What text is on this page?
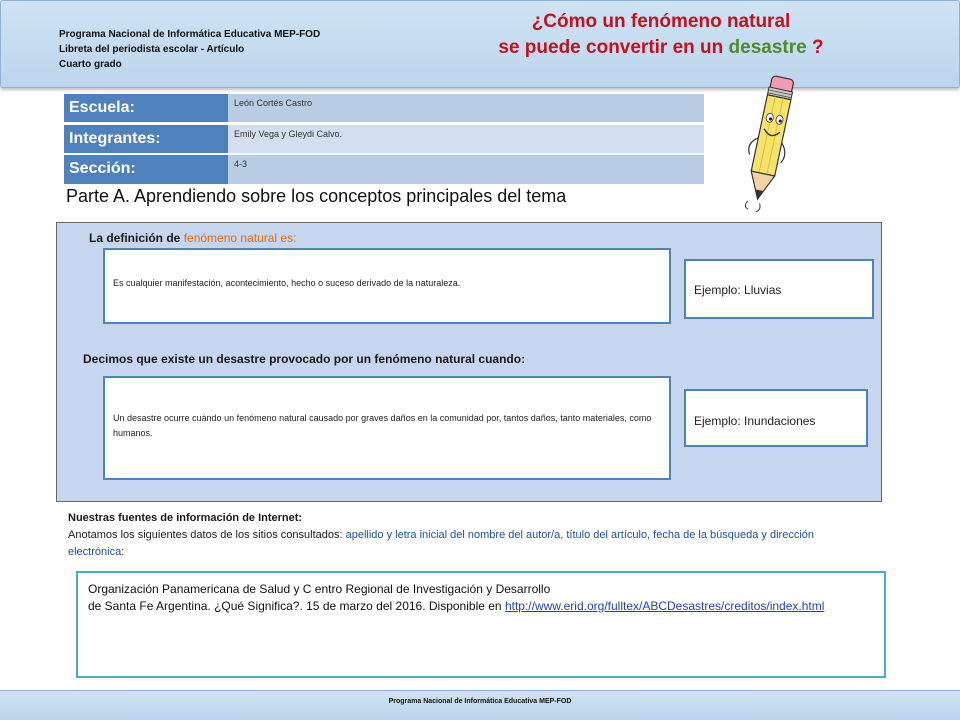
Programa Nacional de Informática Educativa MEP-FOD
Libreta del periodista escolar - Artículo
Cuarto grado
¿Cómo un fenómeno natural
se puede convertir en un desastre ?
Escuela:	León Cortés Castro
Integrantes:	Emily Vega y Gleydi Calvo.
Sección:	4-3
Parte A. Aprendiendo sobre los conceptos principales del tema
La definición de fenómeno natural es:
Es cualquier manifestación, acontecimiento, hecho o suceso derivado de la naturaleza.	Ejemplo: Lluvias
Decimos que existe un desastre provocado por un fenómeno natural cuando:
Un desastre ocurre cuándo un fenómeno natural causado por graves daños en la comunidad por, tantos daños, tanto materiales, como humanos.
Ejemplo: Inundaciones
Nuestras fuentes de información de Internet:
Anotamos los siguientes datos de los sitios consultados: apellido y letra inicial del nombre del autor/a, título del artículo, fecha de la búsqueda y dirección electrónica:
Organización Panamericana de Salud y C entro Regional de Investigación y Desarrollo
de Santa Fe Argentina. ¿Qué Significa?. 15 de marzo del 2016. Disponible en http://www.erid.org/fulltex/ABCDesastres/creditos/index.html
Programa Nacional de Informática Educativa MEP-FOD
